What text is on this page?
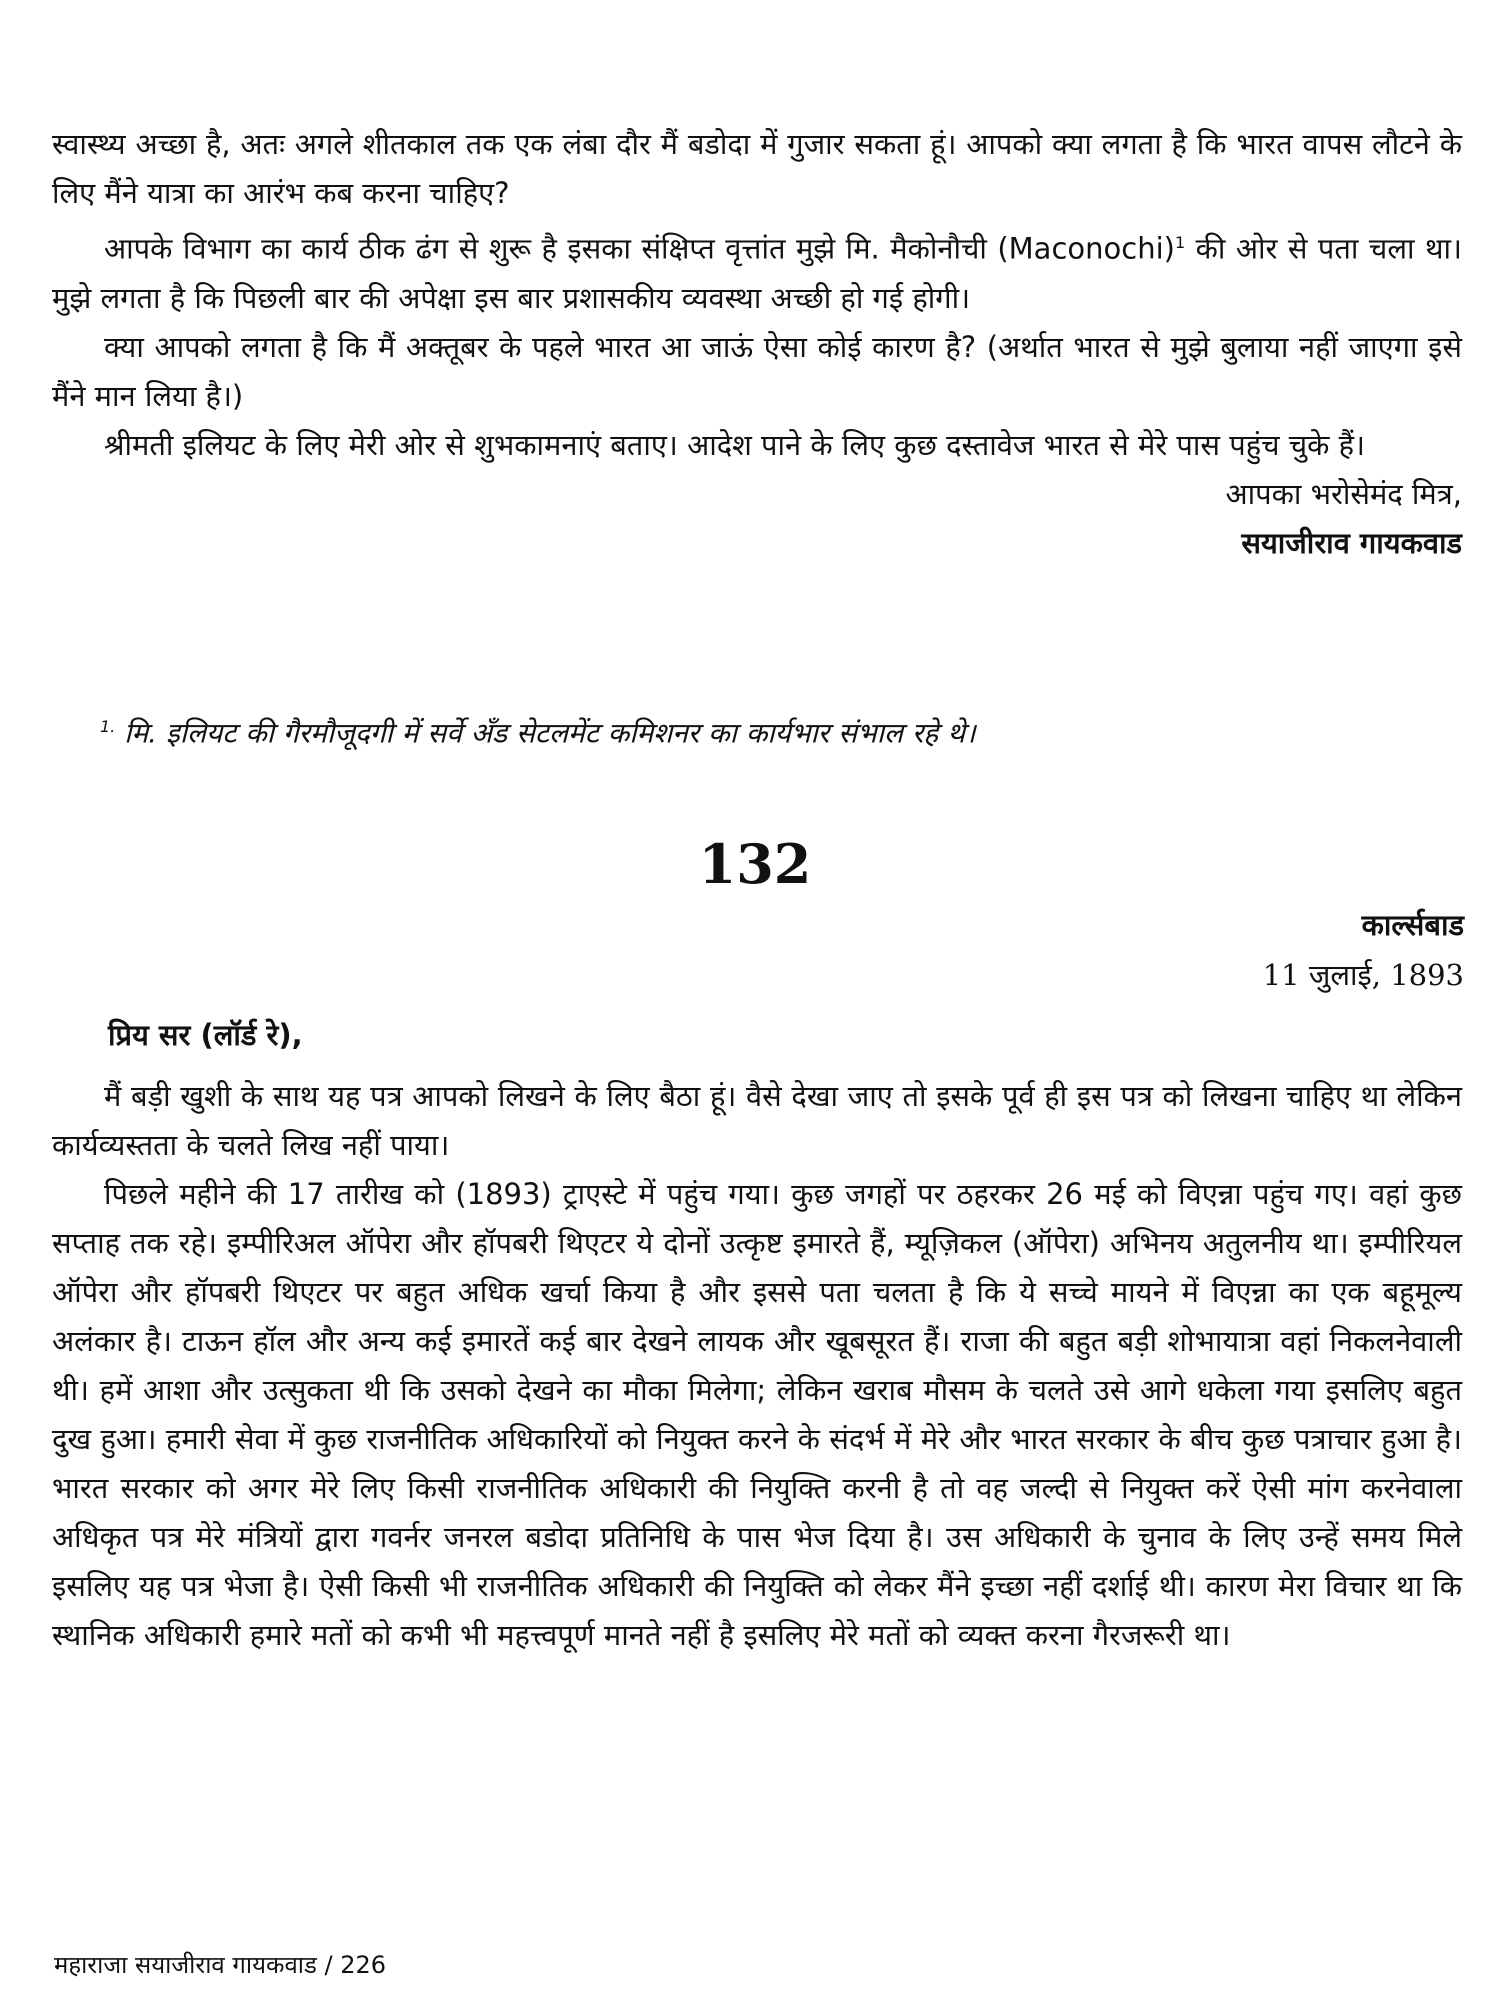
स्वास्थ्य अच्छा है, अतः अगले शीतकाल तक एक लंबा दौर मैं बडोदा में गुजार सकता हूं। आपको क्या लगता है कि भारत वापस लौटने के लिए मैंने यात्रा का आरंभ कब करना चाहिए?

आपके विभाग का कार्य ठीक ढंग से शुरू है इसका संक्षिप्त वृत्तांत मुझे मि. मैकोनौची (Maconochi)$^1$ की ओर से पता चला था। मुझे लगता है कि पिछली बार की अपेक्षा इस बार प्रशासकीय व्यवस्था अच्छी हो गई होगी।

क्या आपको लगता है कि मैं अक्तूबर के पहले भारत आ जाऊं ऐसा कोई कारण है? (अर्थात भारत से मुझे बुलाया नहीं जाएगा इसे मैंने मान लिया है।)

श्रीमती इलियट के लिए मेरी ओर से शुभकामनाएं बताए। आदेश पाने के लिए कुछ दस्तावेज भारत से मेरे पास पहुंच चुके हैं।

आपका भरोसेमंद मित्र,

सयाजीराव गायकवाड

$^{1.}$ मि. इलियट की गैरमौजूदगी में सर्वे अँड सेटलमेंट कमिशनर का कार्यभार संभाल रहे थे।
132
कार्ल्सबाड
11 जुलाई, 1893
प्रिय सर (लॉर्ड रे),

मैं बड़ी खुशी के साथ यह पत्र आपको लिखने के लिए बैठा हूं। वैसे देखा जाए तो इसके पूर्व ही इस पत्र को लिखना चाहिए था लेकिन कार्यव्यस्तता के चलते लिख नहीं पाया।

पिछले महीने की 17 तारीख को (1893) ट्राएस्टे में पहुंच गया। कुछ जगहों पर ठहरकर 26 मई को विएन्ना पहुंच गए। वहां कुछ सप्ताह तक रहे। इम्पीरिअल ऑपेरा और हॉपबरी थिएटर ये दोनों उत्कृष्ट इमारते हैं, म्यूज़िकल (ऑपेरा) अभिनय अतुलनीय था। इम्पीरियल ऑपेरा और हॉपबरी थिएटर पर बहुत अधिक खर्चा किया है और इससे पता चलता है कि ये सच्चे मायने में विएन्ना का एक बहूमूल्य अलंकार है। टाऊन हॉल और अन्य कई इमारतें कई बार देखने लायक और खूबसूरत हैं। राजा की बहुत बड़ी शोभायात्रा वहां निकलनेवाली थी। हमें आशा और उत्सुकता थी कि उसको देखने का मौका मिलेगा; लेकिन खराब मौसम के चलते उसे आगे धकेला गया इसलिए बहुत दुख हुआ। हमारी सेवा में कुछ राजनीतिक अधिकारियों को नियुक्त करने के संदर्भ में मेरे और भारत सरकार के बीच कुछ पत्राचार हुआ है। भारत सरकार को अगर मेरे लिए किसी राजनीतिक अधिकारी की नियुक्ति करनी है तो वह जल्दी से नियुक्त करें ऐसी मांग करनेवाला अधिकृत पत्र मेरे मंत्रियों द्वारा गवर्नर जनरल बडोदा प्रतिनिधि के पास भेज दिया है। उस अधिकारी के चुनाव के लिए उन्हें समय मिले इसलिए यह पत्र भेजा है। ऐसी किसी भी राजनीतिक अधिकारी की नियुक्ति को लेकर मैंने इच्छा नहीं दर्शाई थी। कारण मेरा विचार था कि स्थानिक अधिकारी हमारे मतों को कभी भी महत्त्वपूर्ण मानते नहीं है इसलिए मेरे मतों को व्यक्त करना गैरजरूरी था।

महाराजा सयाजीराव गायकवाड / 226
